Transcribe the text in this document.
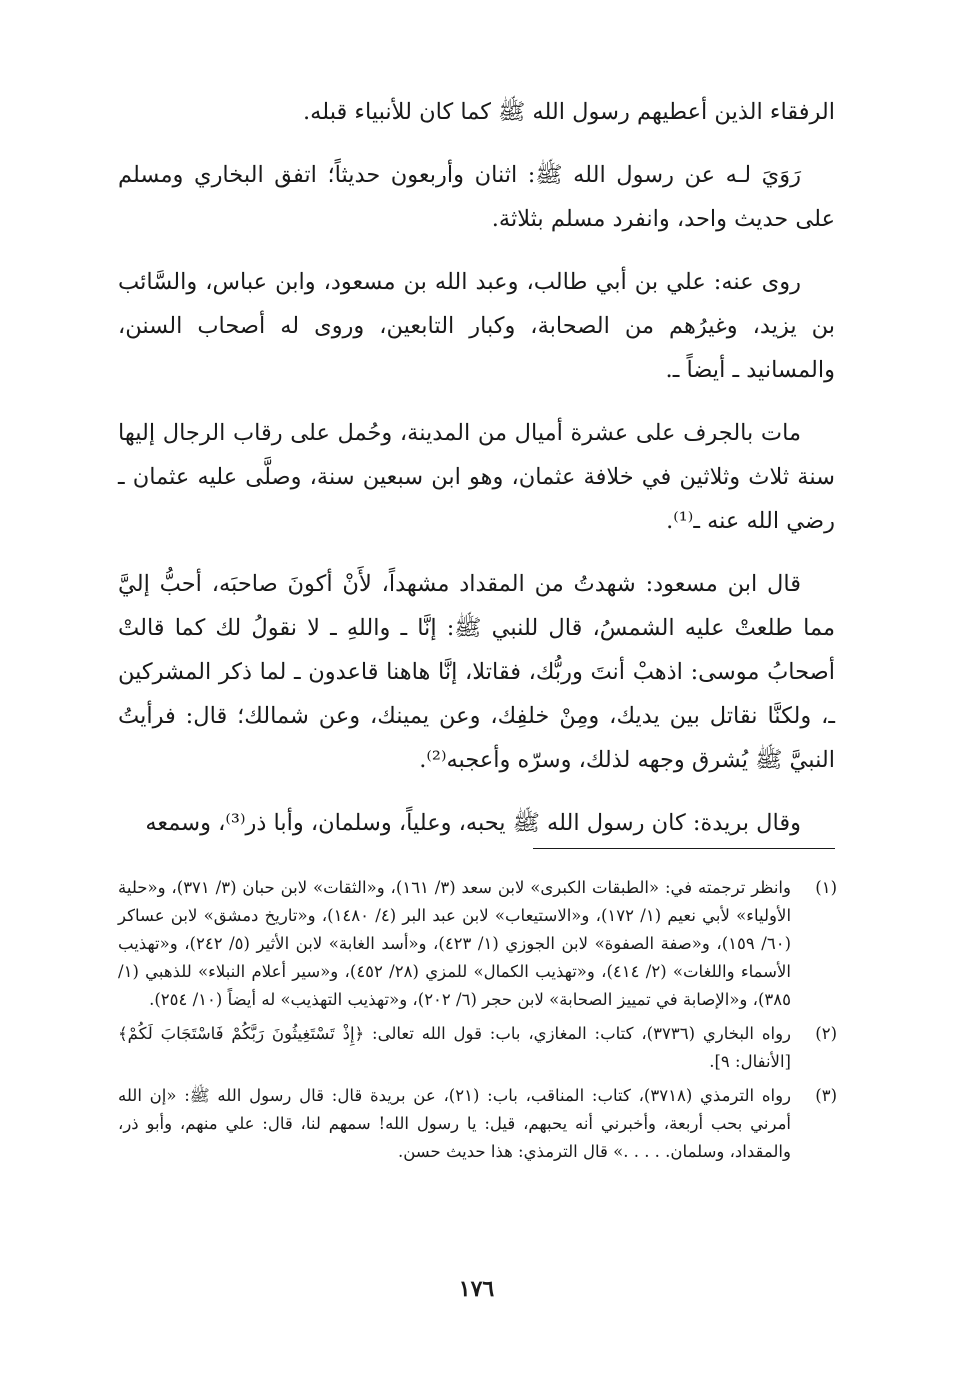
الرفقاء الذين أعطيهم رسول الله ﷺ كما كان للأنبياء قبله.

رَوَيَ لـه عن رسول الله ﷺ: اثنان وأربعون حديثاً؛ اتفق البخاري ومسلم على حديث واحد، وانفرد مسلم بثلاثة.

روى عنه: علي بن أبي طالب، وعبد الله بن مسعود، وابن عباس، والسَّائب بن يزيد، وغيرُهم من الصحابة، وكبار التابعين، وروى له أصحاب السنن، والمسانيد ـ أيضاً ـ.

مات بالجرف على عشرة أميال من المدينة، وحُمل على رقاب الرجال إليها سنة ثلاث وثلاثين في خلافة عثمان، وهو ابن سبعين سنة، وصلَّى عليه عثمان ـ رضي الله عنه ـ⁽¹⁾.

قال ابن مسعود: شهدتُ من المقداد مشهداً، لأَنْ أكونَ صاحبَه، أحبُّ إليَّ مما طلعتْ عليه الشمسُ، قال للنبي ﷺ: إنَّا ـ واللهِ ـ لا نقولُ لك كما قالتْ أصحابُ موسى: اذهبْ أنتَ وربُّك، فقاتلا، إنَّا هاهنا قاعدون ـ لما ذكر المشركين ـ، ولكنَّا نقاتل بين يديك، ومِنْ خلفِك، وعن يمينك، وعن شمالك؛ قال: فرأيتُ النبيَّ ﷺ يُشرق وجهه لذلك، وسرّه وأعجبه⁽²⁾.

وقال بريدة: كان رسول الله ﷺ يحبه، وعلياً، وسلمان، وأبا ذر⁽³⁾، وسمعه

(١)
وانظر ترجمته في: «الطبقات الكبرى» لابن سعد (٣/ ١٦١)، و«الثقات» لابن حبان (٣/ ٣٧١)، و«حلية الأولياء» لأبي نعيم (١/ ١٧٢)، و«الاستيعاب» لابن عبد البر (٤/ ١٤٨٠)، و«تاريخ دمشق» لابن عساكر (٦٠/ ١٥٩)، و«صفة الصفوة» لابن الجوزي (١/ ٤٢٣)، و«أسد الغابة» لابن الأثير (٥/ ٢٤٢)، و«تهذيب الأسماء واللغات» (٢/ ٤١٤)، و«تهذيب الكمال» للمزي (٢٨/ ٤٥٢)، و«سير أعلام النبلاء» للذهبي (١/ ٣٨٥)، و«الإصابة في تمييز الصحابة» لابن حجر (٦/ ٢٠٢)، و«تهذيب التهذيب» له أيضاً (١٠/ ٢٥٤).
(٢)
رواه البخاري (٣٧٣٦)، كتاب: المغازي، باب: قول الله تعالى: ﴿إِذْ تَسْتَغِيثُونَ رَبَّكُمْ فَاسْتَجَابَ لَكُمْ﴾[الأنفال: ٩].
(٣)
رواه الترمذي (٣٧١٨)، كتاب: المناقب، باب: (٢١)، عن بريدة قال: قال رسول الله ﷺ: «إن الله أمرني بحب أربعة، وأخبرني أنه يحبهم، قيل: يا رسول الله! سمهم لنا، قال: علي منهم، وأبو ذر، والمقداد، وسلمان. . . . .» قال الترمذي: هذا حديث حسن.
١٧٦
